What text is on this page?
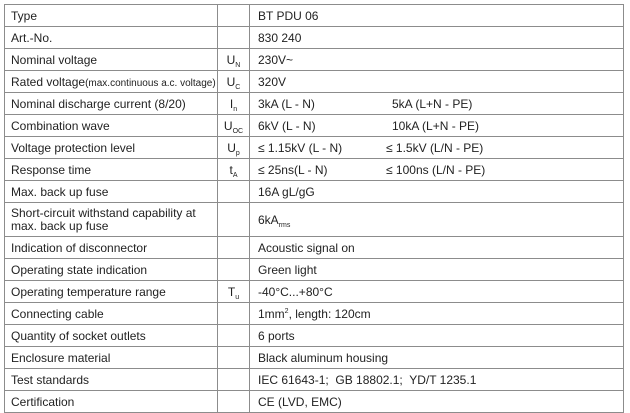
Type		BT PDU 06
Art.-No.		830 240
Nominal voltage	$U_N$	230V~
Rated voltage(max.continuous a.c. voltage)	$U_C$	320V
Nominal discharge current (8/20)	$I_n$	3kA (L - N) 5kA (L+N - PE)
Combination wave	$U_{OC}$	6kV (L - N) 10kA (L+N - PE)
Voltage protection level	$U_p$	≤ 1.15kV (L - N) ≤ 1.5kV (L/N - PE)
Response time	$t_A$	≤ 25ns(L - N) ≤ 100ns (L/N - PE)
Max. back up fuse		16A gL/gG
Short-circuit withstand capability at max. back up fuse		$6kA_{rms}$
Indication of disconnector		Acoustic signal on
Operating state indication		Green light
Operating temperature range	$T_u$	-40°C...+80°C
Connecting cable		$1mm^2$, length: 120cm
Quantity of socket outlets		6 ports
Enclosure material		Black aluminum housing
Test standards		IEC 61643-1;  GB 18802.1;  YD/T 1235.1
Certification		CE (LVD, EMC)
